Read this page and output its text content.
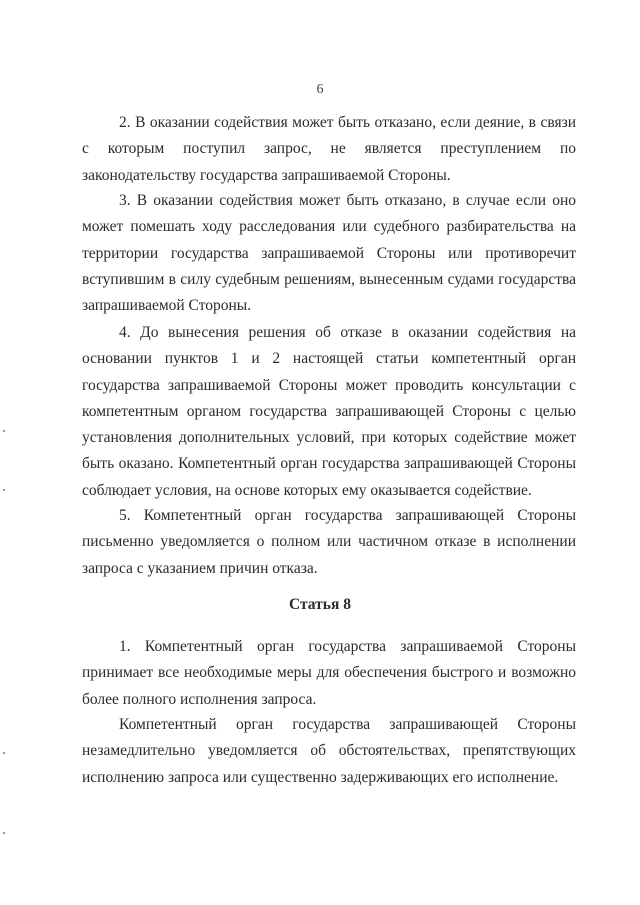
6
2. В оказании содействия может быть отказано, если деяние, в связи с которым поступил запрос, не является преступлением по законодательству государства запрашиваемой Стороны.
3. В оказании содействия может быть отказано, в случае если оно может помешать ходу расследования или судебного разбирательства на территории государства запрашиваемой Стороны или противоречит вступившим в силу судебным решениям, вынесенным судами государства запрашиваемой Стороны.
4. До вынесения решения об отказе в оказании содействия на основании пунктов 1 и 2 настоящей статьи компетентный орган государства запрашиваемой Стороны может проводить консультации с компетентным органом государства запрашивающей Стороны с целью установления дополнительных условий, при которых содействие может быть оказано. Компетентный орган государства запрашивающей Стороны соблюдает условия, на основе которых ему оказывается содействие.
5. Компетентный орган государства запрашивающей Стороны письменно уведомляется о полном или частичном отказе в исполнении запроса с указанием причин отказа.
Статья 8
1. Компетентный орган государства запрашиваемой Стороны принимает все необходимые меры для обеспечения быстрого и возможно более полного исполнения запроса.
Компетентный орган государства запрашивающей Стороны незамедлительно уведомляется об обстоятельствах, препятствующих исполнению запроса или существенно задерживающих его исполнение.
